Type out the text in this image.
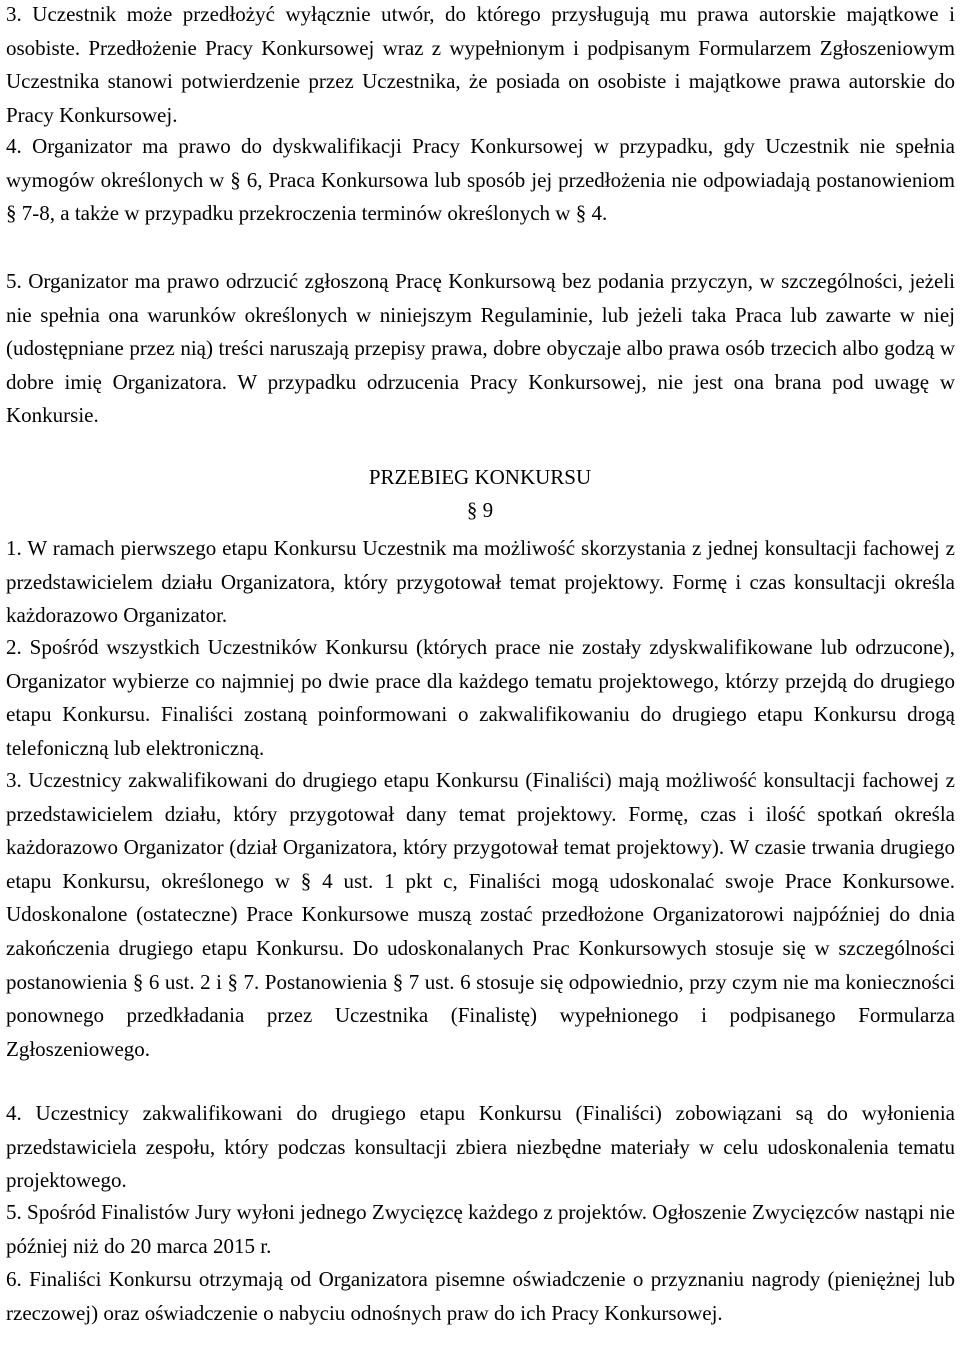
3. Uczestnik może przedłożyć wyłącznie utwór, do którego przysługują mu prawa autorskie majątkowe i osobiste. Przedłożenie Pracy Konkursowej wraz z wypełnionym i podpisanym Formularzem Zgłoszeniowym Uczestnika stanowi potwierdzenie przez Uczestnika, że posiada on osobiste i majątkowe prawa autorskie do Pracy Konkursowej.

4. Organizator ma prawo do dyskwalifikacji Pracy Konkursowej w przypadku, gdy Uczestnik nie spełnia wymogów określonych w § 6, Praca Konkursowa lub sposób jej przedłożenia nie odpowiadają postanowieniom § 7-8, a także w przypadku przekroczenia terminów określonych w § 4.

5. Organizator ma prawo odrzucić zgłoszoną Pracę Konkursową bez podania przyczyn, w szczególności, jeżeli nie spełnia ona warunków określonych w niniejszym Regulaminie, lub jeżeli taka Praca lub zawarte w niej (udostępniane przez nią) treści naruszają przepisy prawa, dobre obyczaje albo prawa osób trzecich albo godzą w dobre imię Organizatora. W przypadku odrzucenia Pracy Konkursowej, nie jest ona brana pod uwagę w Konkursie.

PRZEBIEG KONKURSU
§ 9

1. W ramach pierwszego etapu Konkursu Uczestnik ma możliwość skorzystania z jednej konsultacji fachowej z przedstawicielem działu Organizatora, który przygotował temat projektowy. Formę i czas konsultacji określa każdorazowo Organizator.

2. Spośród wszystkich Uczestników Konkursu (których prace nie zostały zdyskwalifikowane lub odrzucone), Organizator wybierze co najmniej po dwie prace dla każdego tematu projektowego, którzy przejdą do drugiego etapu Konkursu. Finaliści zostaną poinformowani o zakwalifikowaniu do drugiego etapu Konkursu drogą telefoniczną lub elektroniczną.

3. Uczestnicy zakwalifikowani do drugiego etapu Konkursu (Finaliści) mają możliwość konsultacji fachowej z przedstawicielem działu, który przygotował dany temat projektowy. Formę, czas i ilość spotkań określa każdorazowo Organizator (dział Organizatora, który przygotował temat projektowy). W czasie trwania drugiego etapu Konkursu, określonego w § 4 ust. 1 pkt c, Finaliści mogą udoskonalać swoje Prace Konkursowe. Udoskonalone (ostateczne) Prace Konkursowe muszą zostać przedłożone Organizatorowi najpóźniej do dnia zakończenia drugiego etapu Konkursu. Do udoskonalanych Prac Konkursowych stosuje się w szczególności postanowienia § 6 ust. 2 i § 7. Postanowienia § 7 ust. 6 stosuje się odpowiednio, przy czym nie ma konieczności ponownego przedkładania przez Uczestnika (Finalistę) wypełnionego i podpisanego Formularza Zgłoszeniowego.

4. Uczestnicy zakwalifikowani do drugiego etapu Konkursu (Finaliści) zobowiązani są do wyłonienia przedstawiciela zespołu, który podczas konsultacji zbiera niezbędne materiały w celu udoskonalenia tematu projektowego.

5. Spośród Finalistów Jury wyłoni jednego Zwycięzcę każdego z projektów. Ogłoszenie Zwycięzców nastąpi nie później niż do 20 marca 2015 r.

6. Finaliści Konkursu otrzymają od Organizatora pisemne oświadczenie o przyznaniu nagrody (pieniężnej lub rzeczowej) oraz oświadczenie o nabyciu odnośnych praw do ich Pracy Konkursowej.
